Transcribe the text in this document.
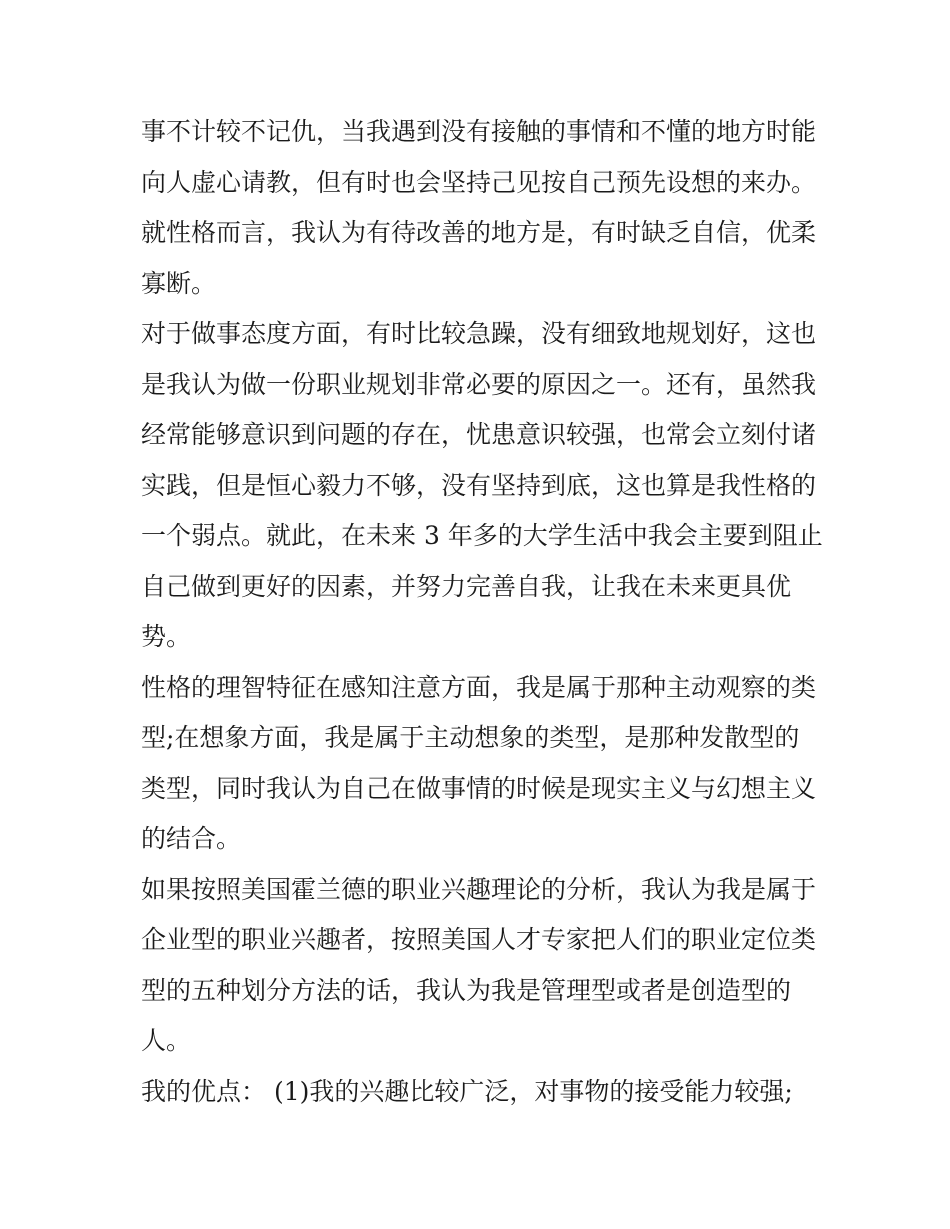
事不计较不记仇，当我遇到没有接触的事情和不懂的地方时能
向人虚心请教，但有时也会坚持己见按自己预先设想的来办。
就性格而言，我认为有待改善的地方是，有时缺乏自信，优柔
寡断。
对于做事态度方面，有时比较急躁，没有细致地规划好，这也
是我认为做一份职业规划非常必要的原因之一。还有，虽然我
经常能够意识到问题的存在，忧患意识较强，也常会立刻付诸
实践，但是恒心毅力不够，没有坚持到底，这也算是我性格的
一个弱点。就此，在未来 3 年多的大学生活中我会主要到阻止
自己做到更好的因素，并努力完善自我，让我在未来更具优
势。
性格的理智特征在感知注意方面，我是属于那种主动观察的类
型;在想象方面，我是属于主动想象的类型，是那种发散型的
类型，同时我认为自己在做事情的时候是现实主义与幻想主义
的结合。
如果按照美国霍兰德的职业兴趣理论的分析，我认为我是属于
企业型的职业兴趣者，按照美国人才专家把人们的职业定位类
型的五种划分方法的话，我认为我是管理型或者是创造型的
人。
我的优点： (1)我的兴趣比较广泛，对事物的接受能力较强;
